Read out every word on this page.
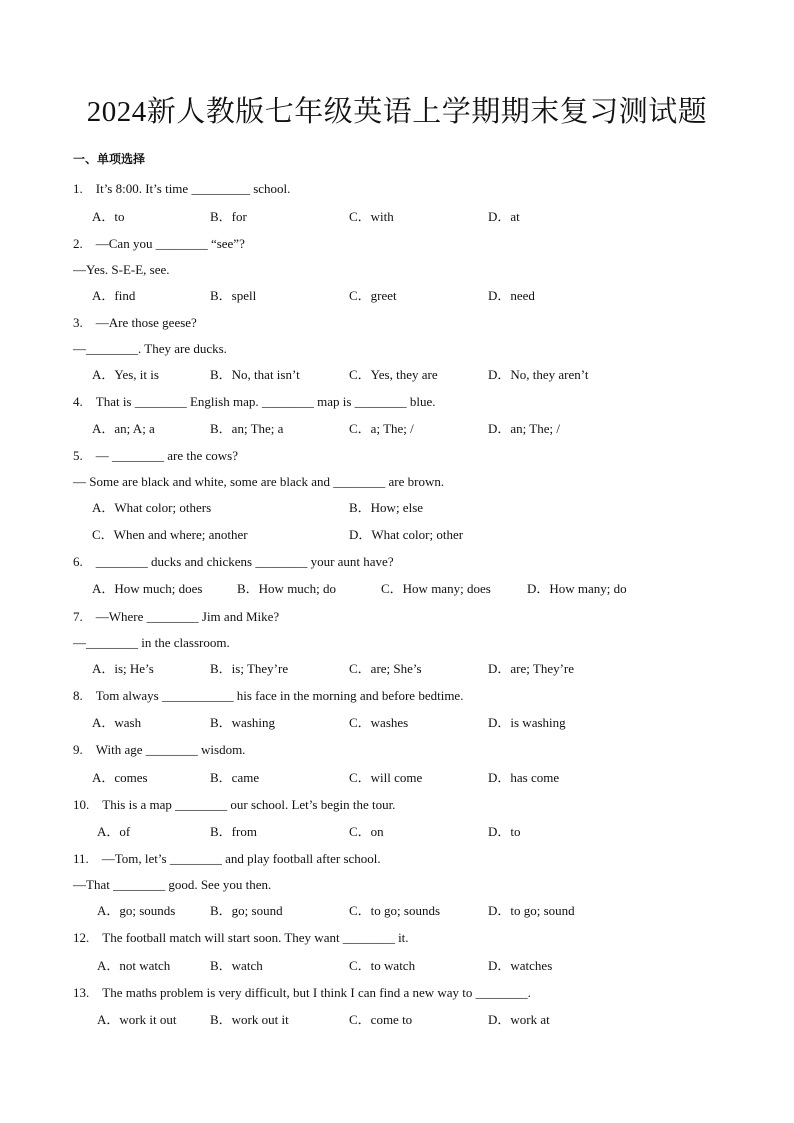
2024新人教版七年级英语上学期期末复习测试题
一、单项选择
1.　It’s 8:00. It’s time _________ school.
A．to	B．for	C．with	D．at
2.　—Can you ________ “see”?
—Yes. S-E-E, see.
A．find	B．spell	C．greet	D．need
3.　—Are those geese?
—________. They are ducks.
A．Yes, it is	B．No, that isn’t	C．Yes, they are	D．No, they aren’t
4.　That is ________ English map. ________ map is ________ blue.
A．an; A; a	B．an; The; a	C．a; The; /	D．an; The; /
5.　— ________ are the cows?
— Some are black and white, some are black and ________ are brown.
A．What color; others	B．How; else
C．When and where; another	D．What color; other
6.　________ ducks and chickens ________ your aunt have?
A．How much; does	B．How much; do	C．How many; does	D．How many; do
7.　—Where ________ Jim and Mike?
—________ in the classroom.
A．is; He’s	B．is; They’re	C．are; She’s	D．are; They’re
8.　Tom always ___________ his face in the morning and before bedtime.
A．wash	B．washing	C．washes	D．is washing
9.　With age ________ wisdom.
A．comes	B．came	C．will come	D．has come
10.　This is a map ________ our school. Let’s begin the tour.
A．of	B．from	C．on	D．to
11.　—Tom, let’s ________ and play football after school.
—That ________ good. See you then.
A．go; sounds	B．go; sound	C．to go; sounds	D．to go; sound
12.　The football match will start soon. They want ________ it.
A．not watch	B．watch	C．to watch	D．watches
13.　The maths problem is very difficult, but I think I can find a new way to ________.
A．work it out	B．work out it	C．come to	D．work at
